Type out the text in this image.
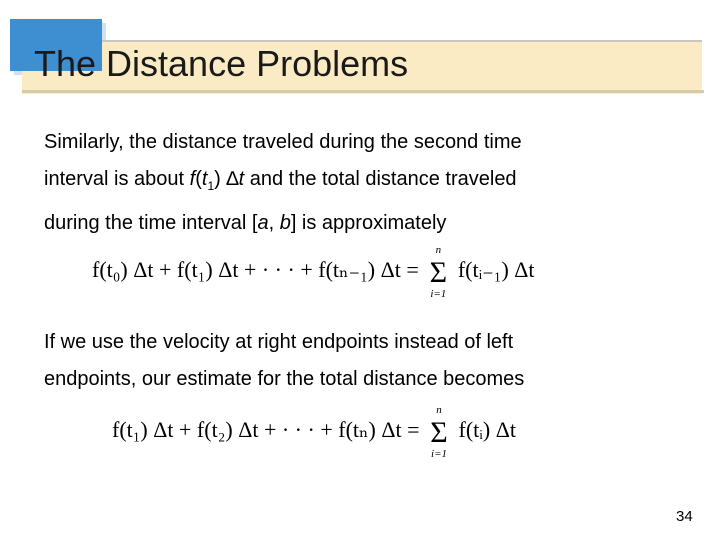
The Distance Problems
Similarly, the distance traveled during the second time
interval is about $f(t_1)$ ∆t and the total distance traveled
during the time interval [a, b] is approximately
f(t₀) Δt + f(t₁) Δt + · · · + f(tₙ₋₁) Δt =
n
Σ
i=1
f(tᵢ₋₁) Δt
If we use the velocity at right endpoints instead of left
endpoints, our estimate for the total distance becomes
f(t₁) Δt + f(t₂) Δt + · · · + f(tₙ) Δt =
n
Σ
i=1
f(tᵢ) Δt
34
